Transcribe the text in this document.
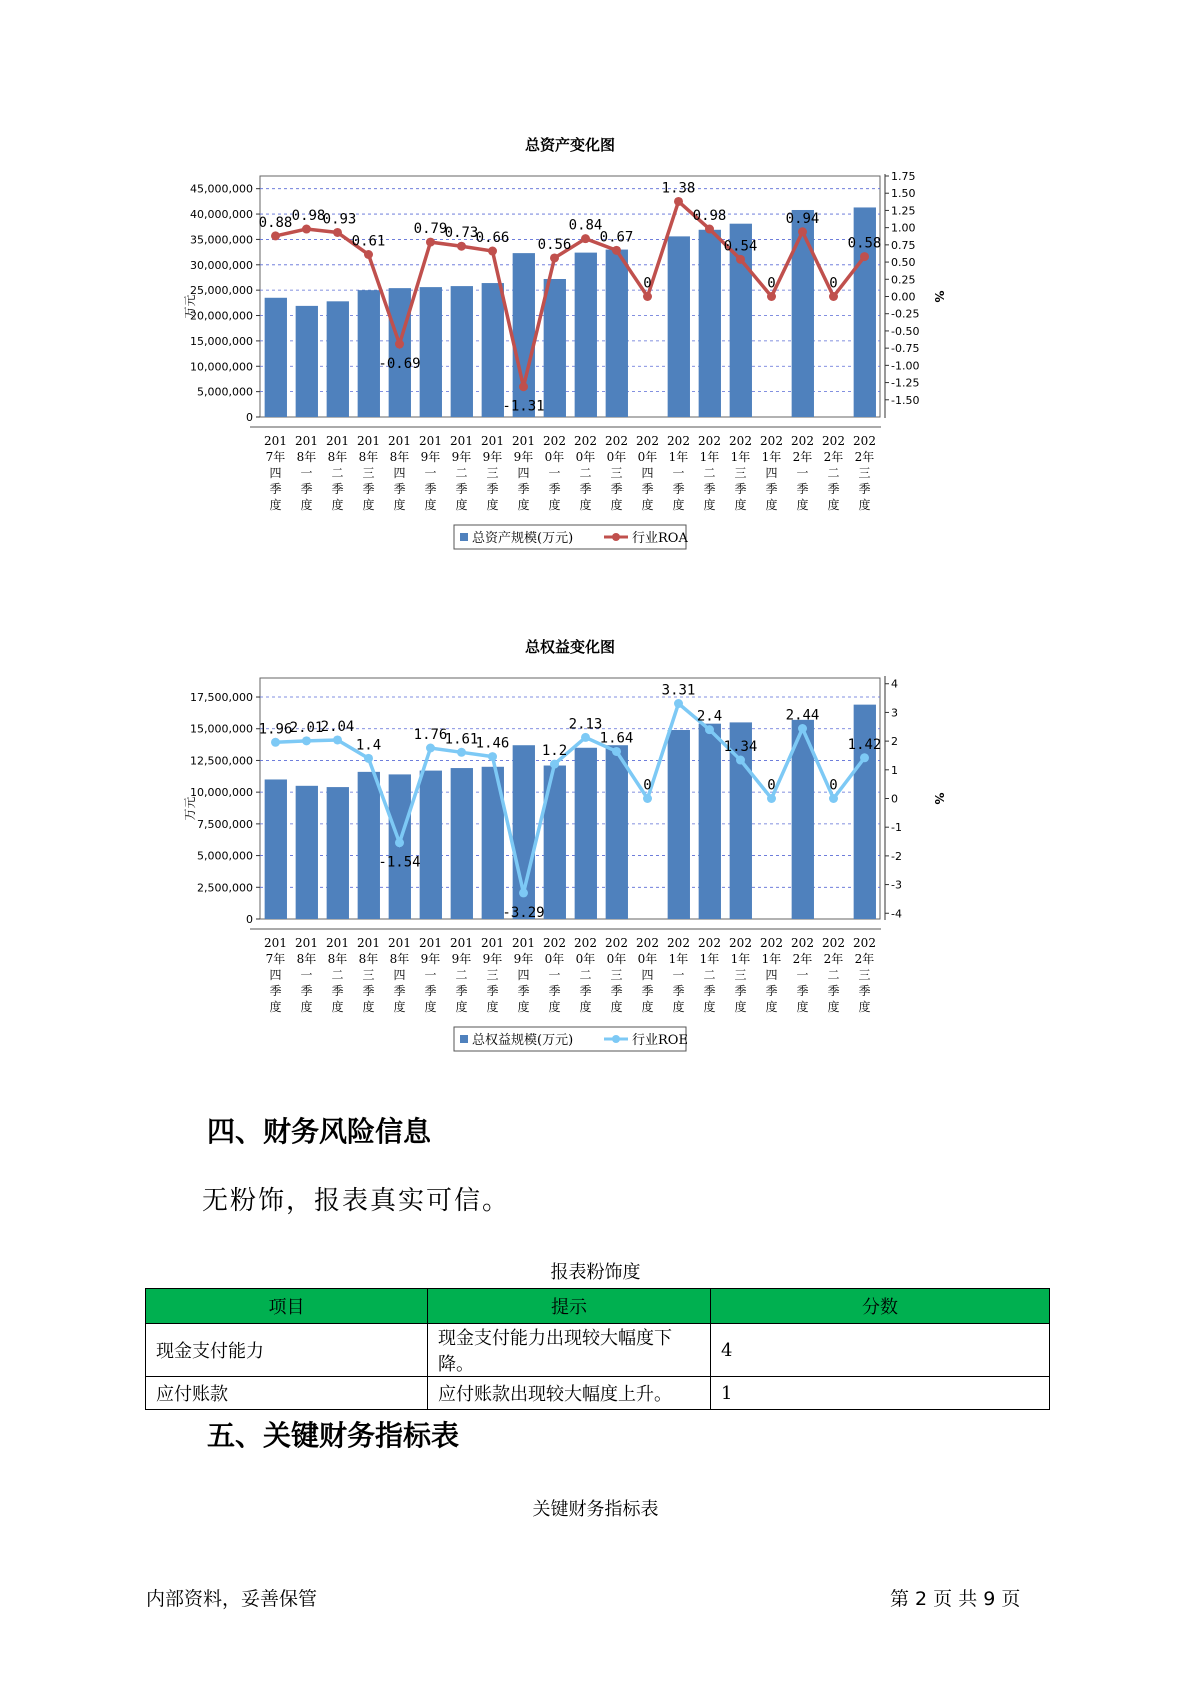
总资产变化图
0
5,000,000
10,000,000
15,000,000
20,000,000
25,000,000
30,000,000
35,000,000
40,000,000
45,000,000
-1.50
-1.25
-1.00
-0.75
-0.50
-0.25
0.00
0.25
0.50
0.75
1.00
1.25
1.50
1.75
万元	%
201
7年
四
季
度
201
8年
一
季
度
201
8年
二
季
度
201
8年
三
季
度
201
8年
四
季
度
201
9年
一
季
度
201
9年
二
季
度
201
9年
三
季
度
201
9年
四
季
度
202
0年
一
季
度
202
0年
二
季
度
202
0年
三
季
度
202
0年
四
季
度
202
1年
一
季
度
202
1年
二
季
度
202
1年
三
季
度
202
1年
四
季
度
202
2年
一
季
度
202
2年
二
季
度
202
2年
三
季
度
0.88 0.98
0.93
0.61
-0.69
0.79
0.73
0.66
-1.31
0.56
0.84
0.67
0
1.38
0.98
0.54
0
0.94
0
0.58
总资产规模(万元)	行业ROA
总权益变化图
0
2,500,000
5,000,000
7,500,000
10,000,000
12,500,000
15,000,000
17,500,000
-4
-3
-2
-1
0
1
2
3
4
万元	%
201
7年
四
季
度
201
8年
一
季
度
201
8年
二
季
度
201
8年
三
季
度
201
8年
四
季
度
201
9年
一
季
度
201
9年
二
季
度
201
9年
三
季
度
201
9年
四
季
度
202
0年
一
季
度
202
0年
二
季
度
202
0年
三
季
度
202
0年
四
季
度
202
1年
一
季
度
202
1年
二
季
度
202
1年
三
季
度
202
1年
四
季
度
202
2年
一
季
度
202
2年
二
季
度
202
2年
三
季
度
1.96
2.01
2.04
1.4
-1.54
1.76
1.61
1.46
-3.29
1.2
2.13
1.64
0
3.31
2.4
1.34
0
2.44
0
1.42
总权益规模(万元)	行业ROE
四、财务风险信息

无粉饰，报表真实可信。

报表粉饰度
项目	提示	分数
现金支付能力	现金支付能力出现较大幅度下降。	4
应付账款	应付账款出现较大幅度上升。	1
五、关键财务指标表
关键财务指标表
内部资料，妥善保管	第 2 页 共 9 页
